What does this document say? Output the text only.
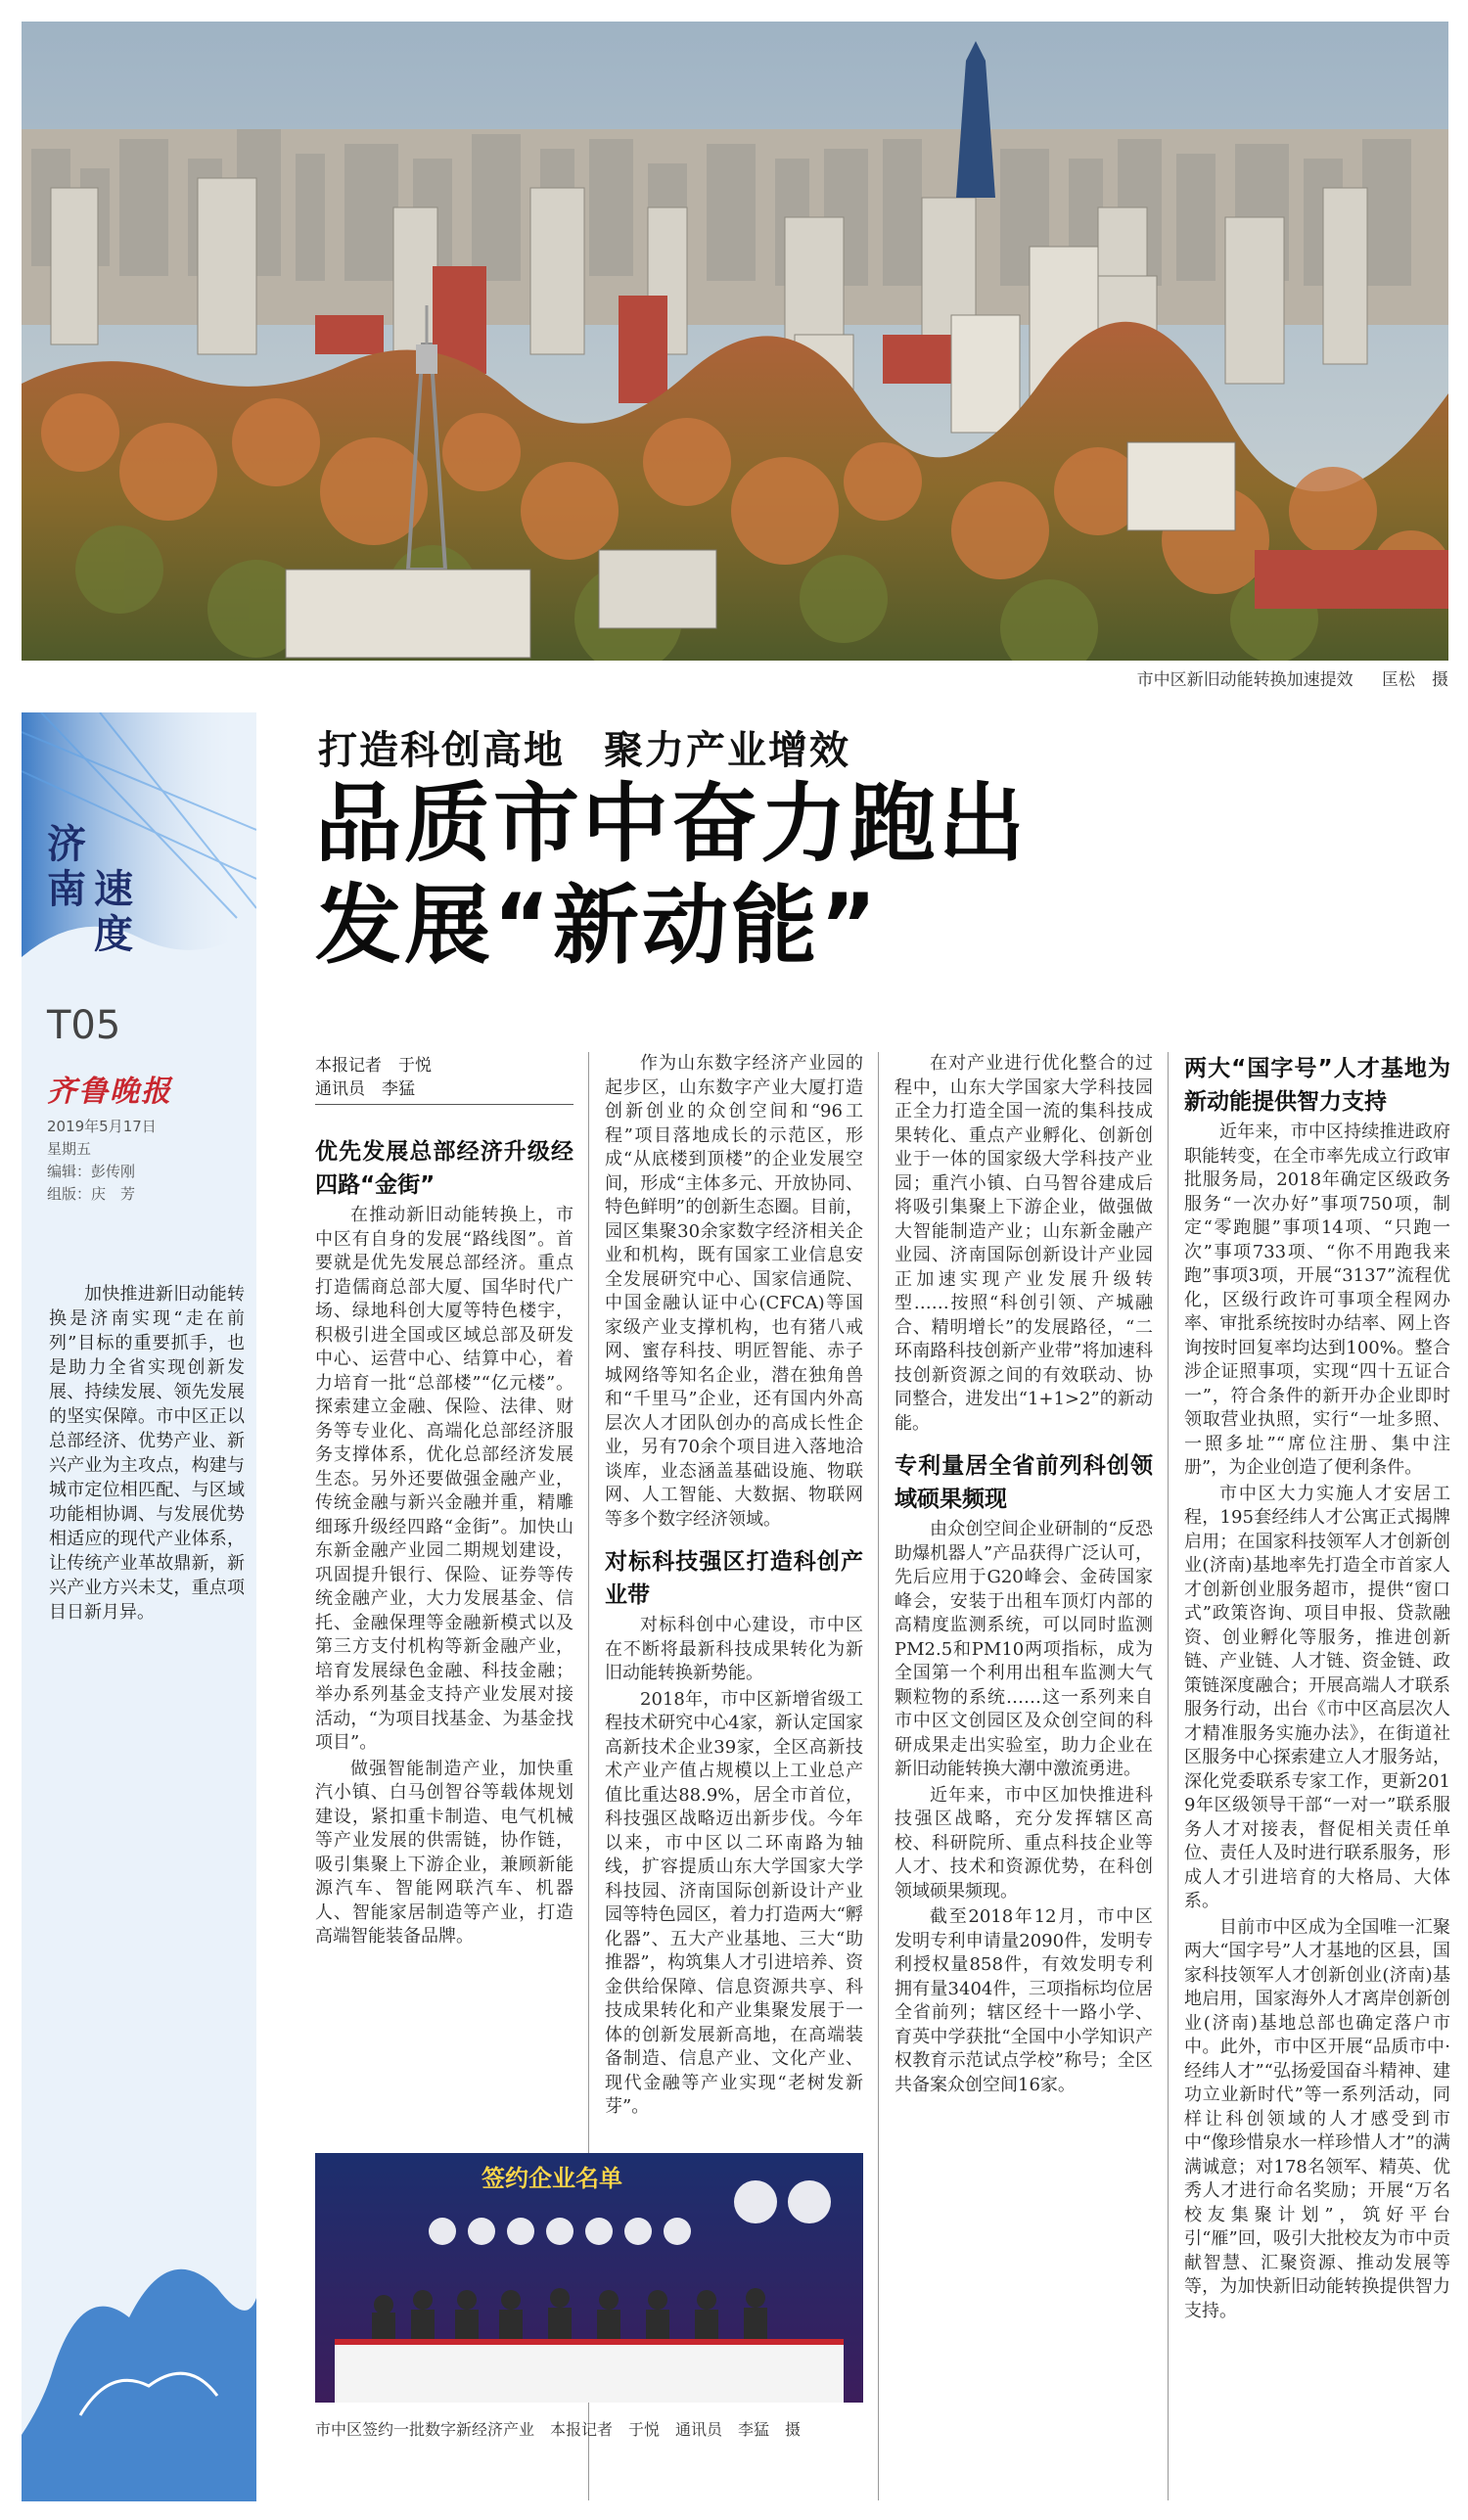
市中区新旧动能转换加速提效 匡松　摄
济
南 速
度
T05
齐鲁晚报
2019年5月17日
星期五
编辑：彭传刚
组版：庆　芳
加快推进新旧动能转换是济南实现“走在前列”目标的重要抓手，也是助力全省实现创新发展、持续发展、领先发展的坚实保障。市中区正以总部经济、优势产业、新兴产业为主攻点，构建与城市定位相匹配、与区域功能相协调、与发展优势相适应的现代产业体系，让传统产业革故鼎新，新兴产业方兴未艾，重点项目日新月异。
打造科创高地 聚力产业增效
品质市中奋力跑出
发展“新动能”
本报记者　于悦
通讯员　李猛

优先发展总部经济升级经四路“金街”

在推动新旧动能转换上，市中区有自身的发展“路线图”。首要就是优先发展总部经济。重点打造儒商总部大厦、国华时代广场、绿地科创大厦等特色楼宇，积极引进全国或区域总部及研发中心、运营中心、结算中心，着力培育一批“总部楼”“亿元楼”。探索建立金融、保险、法律、财务等专业化、高端化总部经济服务支撑体系，优化总部经济发展生态。另外还要做强金融产业，传统金融与新兴金融并重，精雕细琢升级经四路“金街”。加快山东新金融产业园二期规划建设，巩固提升银行、保险、证券等传统金融产业，大力发展基金、信托、金融保理等金融新模式以及第三方支付机构等新金融产业，培育发展绿色金融、科技金融；举办系列基金支持产业发展对接活动，“为项目找基金、为基金找项目”。

做强智能制造产业，加快重汽小镇、白马创智谷等载体规划建设，紧扣重卡制造、电气机械等产业发展的供需链，协作链，吸引集聚上下游企业，兼顾新能源汽车、智能网联汽车、机器人、智能家居制造等产业，打造高端智能装备品牌。

作为山东数字经济产业园的起步区，山东数字产业大厦打造创新创业的众创空间和“96工程”项目落地成长的示范区，形成“从底楼到顶楼”的企业发展空间，形成“主体多元、开放协同、特色鲜明”的创新生态圈。目前，园区集聚30余家数字经济相关企业和机构，既有国家工业信息安全发展研究中心、国家信通院、中国金融认证中心(CFCA)等国家级产业支撑机构，也有猪八戒网、蜜存科技、明匠智能、赤子城网络等知名企业，潜在独角兽和“千里马”企业，还有国内外高层次人才团队创办的高成长性企业，另有70余个项目进入落地洽谈库，业态涵盖基础设施、物联网、人工智能、大数据、物联网等多个数字经济领域。

对标科技强区打造科创产业带

对标科创中心建设，市中区在不断将最新科技成果转化为新旧动能转换新势能。

2018年，市中区新增省级工程技术研究中心4家，新认定国家高新技术企业39家，全区高新技术产业产值占规模以上工业总产值比重达88.9%，居全市首位，科技强区战略迈出新步伐。今年以来，市中区以二环南路为轴线，扩容提质山东大学国家大学科技园、济南国际创新设计产业园等特色园区，着力打造两大“孵化器”、五大产业基地、三大“助推器”，构筑集人才引进培养、资金供给保障、信息资源共享、科技成果转化和产业集聚发展于一体的创新发展新高地，在高端装备制造、信息产业、文化产业、现代金融等产业实现“老树发新芽”。

在对产业进行优化整合的过程中，山东大学国家大学科技园正全力打造全国一流的集科技成果转化、重点产业孵化、创新创业于一体的国家级大学科技产业园；重汽小镇、白马智谷建成后将吸引集聚上下游企业，做强做大智能制造产业；山东新金融产业园、济南国际创新设计产业园正加速实现产业发展升级转型……按照“科创引领、产城融合、精明增长”的发展路径，“二环南路科技创新产业带”将加速科技创新资源之间的有效联动、协同整合，进发出“1+1>2”的新动能。

专利量居全省前列科创领域硕果频现

由众创空间企业研制的“反恐助爆机器人”产品获得广泛认可，先后应用于G20峰会、金砖国家峰会，安装于出租车顶灯内部的高精度监测系统，可以同时监测PM2.5和PM10两项指标，成为全国第一个利用出租车监测大气颗粒物的系统……这一系列来自市中区文创园区及众创空间的科研成果走出实验室，助力企业在新旧动能转换大潮中激流勇进。

近年来，市中区加快推进科技强区战略，充分发挥辖区高校、科研院所、重点科技企业等人才、技术和资源优势，在科创领域硕果频现。

截至2018年12月，市中区发明专利申请量2090件，发明专利授权量858件，有效发明专利拥有量3404件，三项指标均位居全省前列；辖区经十一路小学、育英中学获批“全国中小学知识产权教育示范试点学校”称号；全区共备案众创空间16家。

两大“国字号”人才基地为新动能提供智力支持

近年来，市中区持续推进政府职能转变，在全市率先成立行政审批服务局，2018年确定区级政务服务“一次办好”事项750项，制定“零跑腿”事项14项、“只跑一次”事项733项、“你不用跑我来跑”事项3项，开展“3137”流程优化，区级行政许可事项全程网办率、审批系统按时办结率、网上咨询按时回复率均达到100%。整合涉企证照事项，实现“四十五证合一”，符合条件的新开办企业即时领取营业执照，实行“一址多照、一照多址”“席位注册、集中注册”，为企业创造了便利条件。

市中区大力实施人才安居工程，195套经纬人才公寓正式揭牌启用；在国家科技领军人才创新创业(济南)基地率先打造全市首家人才创新创业服务超市，提供“窗口式”政策咨询、项目申报、贷款融资、创业孵化等服务，推进创新链、产业链、人才链、资金链、政策链深度融合；开展高端人才联系服务行动，出台《市中区高层次人才精准服务实施办法》，在街道社区服务中心探索建立人才服务站，深化党委联系专家工作，更新2019年区级领导干部“一对一”联系服务人才对接表，督促相关责任单位、责任人及时进行联系服务，形成人才引进培育的大格局、大体系。

目前市中区成为全国唯一汇聚两大“国字号”人才基地的区县，国家科技领军人才创新创业(济南)基地启用，国家海外人才离岸创新创业(济南)基地总部也确定落户市中。此外，市中区开展“品质市中·经纬人才”“弘扬爱国奋斗精神、建功立业新时代”等一系列活动，同样让科创领域的人才感受到市中“像珍惜泉水一样珍惜人才”的满满诚意；对178名领军、精英、优秀人才进行命名奖励；开展“万名校友集聚计划”，筑好平台引“雁”回，吸引大批校友为市中贡献智慧、汇聚资源、推动发展等等，为加快新旧动能转换提供智力支持。

签约企业名单
市中区签约一批数字新经济产业　本报记者　于悦　通讯员　李猛　摄
